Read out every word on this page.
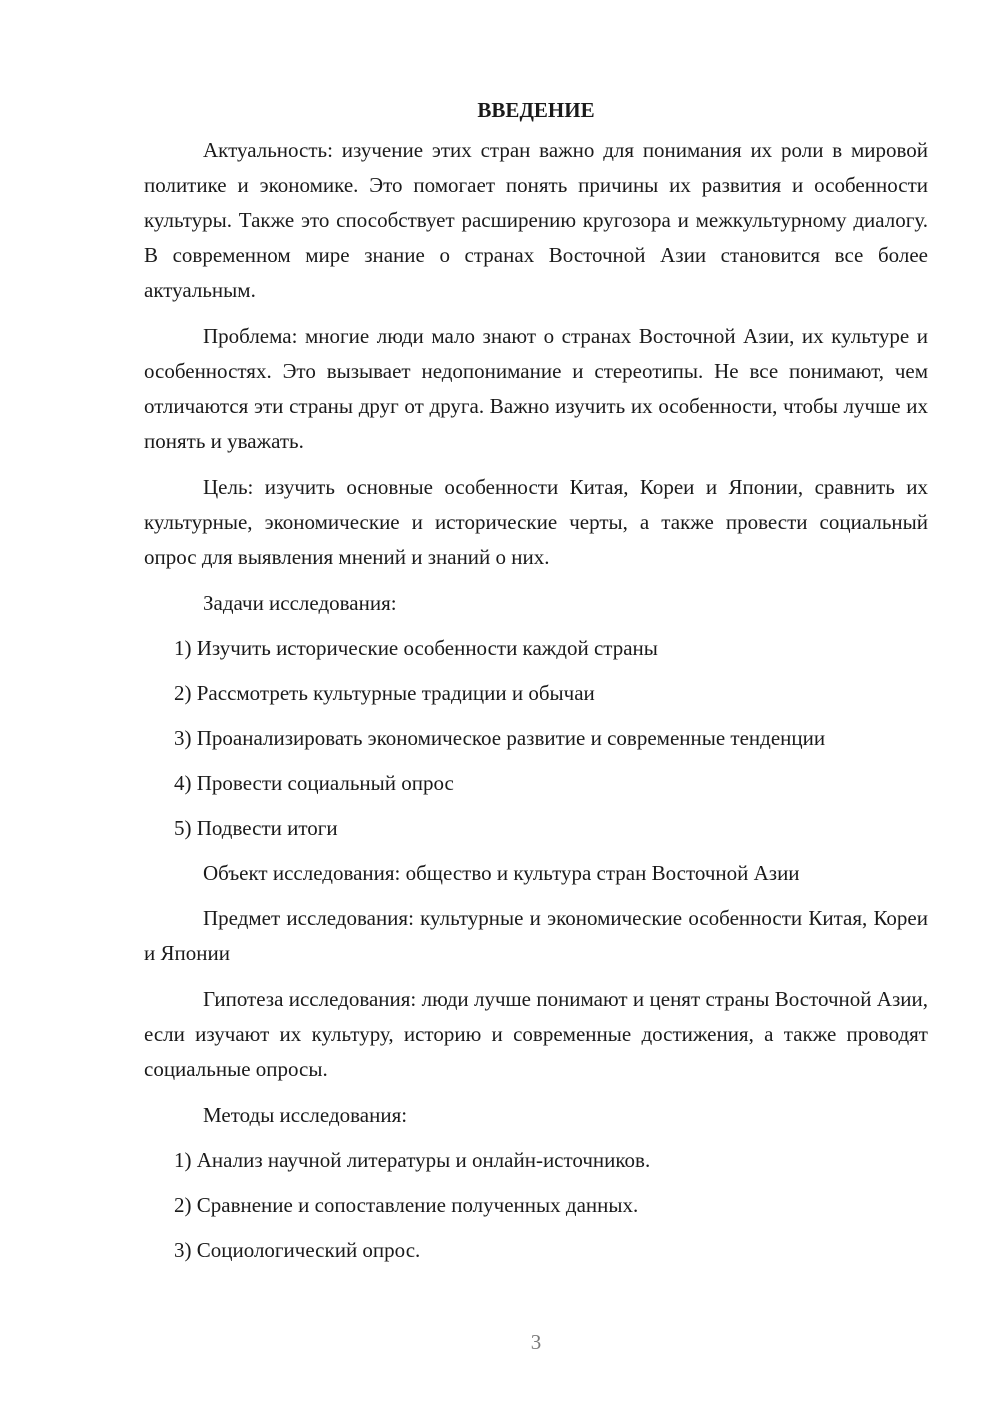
ВВЕДЕНИЕ

Актуальность: изучение этих стран важно для понимания их роли в мировой политике и экономике. Это помогает понять причины их развития и особенности культуры. Также это способствует расширению кругозора и межкультурному диалогу. В современном мире знание о странах Восточной Азии становится все более актуальным.

Проблема: многие люди мало знают о странах Восточной Азии, их культуре и особенностях. Это вызывает недопонимание и стереотипы. Не все понимают, чем отличаются эти страны друг от друга. Важно изучить их особенности, чтобы лучше их понять и уважать.

Цель: изучить основные особенности Китая, Кореи и Японии, сравнить их культурные, экономические и исторические черты, а также провести социальный опрос для выявления мнений и знаний о них.

Задачи исследования:

1) Изучить исторические особенности каждой страны

2) Рассмотреть культурные традиции и обычаи

3) Проанализировать экономическое развитие и современные тенденции

4) Провести социальный опрос

5) Подвести итоги

Объект исследования: общество и культура стран Восточной Азии

Предмет исследования: культурные и экономические особенности Китая, Кореи и Японии

Гипотеза исследования: люди лучше понимают и ценят страны Восточной Азии, если изучают их культуру, историю и современные достижения, а также проводят социальные опросы.

Методы исследования:

1) Анализ научной литературы и онлайн-источников.

2) Сравнение и сопоставление полученных данных.

3) Социологический опрос.

3
